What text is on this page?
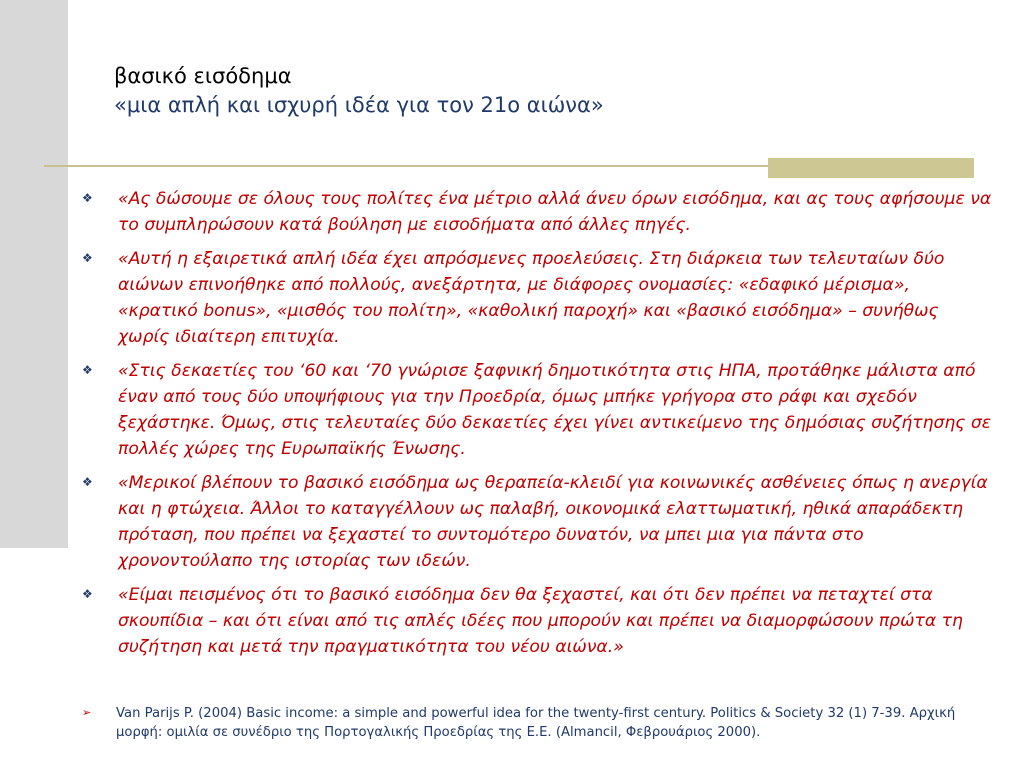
βασικό εισόδημα
«μια απλή και ισχυρή ιδέα για τον 21ο αιώνα»
❖ «Ας δώσουμε σε όλους τους πολίτες ένα μέτριο αλλά άνευ όρων εισόδημα, και ας τους αφήσουμε να το συμπληρώσουν κατά βούληση με εισοδήματα από άλλες πηγές.
❖ «Αυτή η εξαιρετικά απλή ιδέα έχει απρόσμενες προελεύσεις. Στη διάρκεια των τελευταίων δύο αιώνων επινοήθηκε από πολλούς, ανεξάρτητα, με διάφορες ονομασίες: «εδαφικό μέρισμα», «κρατικό bonus», «μισθός του πολίτη», «καθολική παροχή» και «βασικό εισόδημα» – συνήθως χωρίς ιδιαίτερη επιτυχία.
❖ «Στις δεκαετίες του ‘60 και ‘70 γνώρισε ξαφνική δημοτικότητα στις ΗΠΑ, προτάθηκε μάλιστα από έναν από τους δύο υποψήφιους για την Προεδρία, όμως μπήκε γρήγορα στο ράφι και σχεδόν ξεχάστηκε. Όμως, στις τελευταίες δύο δεκαετίες έχει γίνει αντικείμενο της δημόσιας συζήτησης σε πολλές χώρες της Ευρωπαϊκής Ένωσης.
❖ «Μερικοί βλέπουν το βασικό εισόδημα ως θεραπεία-κλειδί για κοινωνικές ασθένειες όπως η ανεργία και η φτώχεια. Άλλοι το καταγγέλλουν ως παλαβή, οικονομικά ελαττωματική, ηθικά απαράδεκτη πρόταση, που πρέπει να ξεχαστεί το συντομότερο δυνατόν, να μπει μια για πάντα στο χρονοντούλαπο της ιστορίας των ιδεών.
❖ «Είμαι πεισμένος ότι το βασικό εισόδημα δεν θα ξεχαστεί, και ότι δεν πρέπει να πεταχτεί στα σκουπίδια – και ότι είναι από τις απλές ιδέες που μπορούν και πρέπει να διαμορφώσουν πρώτα τη συζήτηση και μετά την πραγματικότητα του νέου αιώνα.»
➢	Van Parijs P. (2004) Basic income: a simple and powerful idea for the twenty-first century. Politics & Society 32 (1) 7-39. Αρχική μορφή: ομιλία σε συνέδριο της Πορτογαλικής Προεδρίας της Ε.Ε. (Almancil, Φεβρουάριος 2000).
